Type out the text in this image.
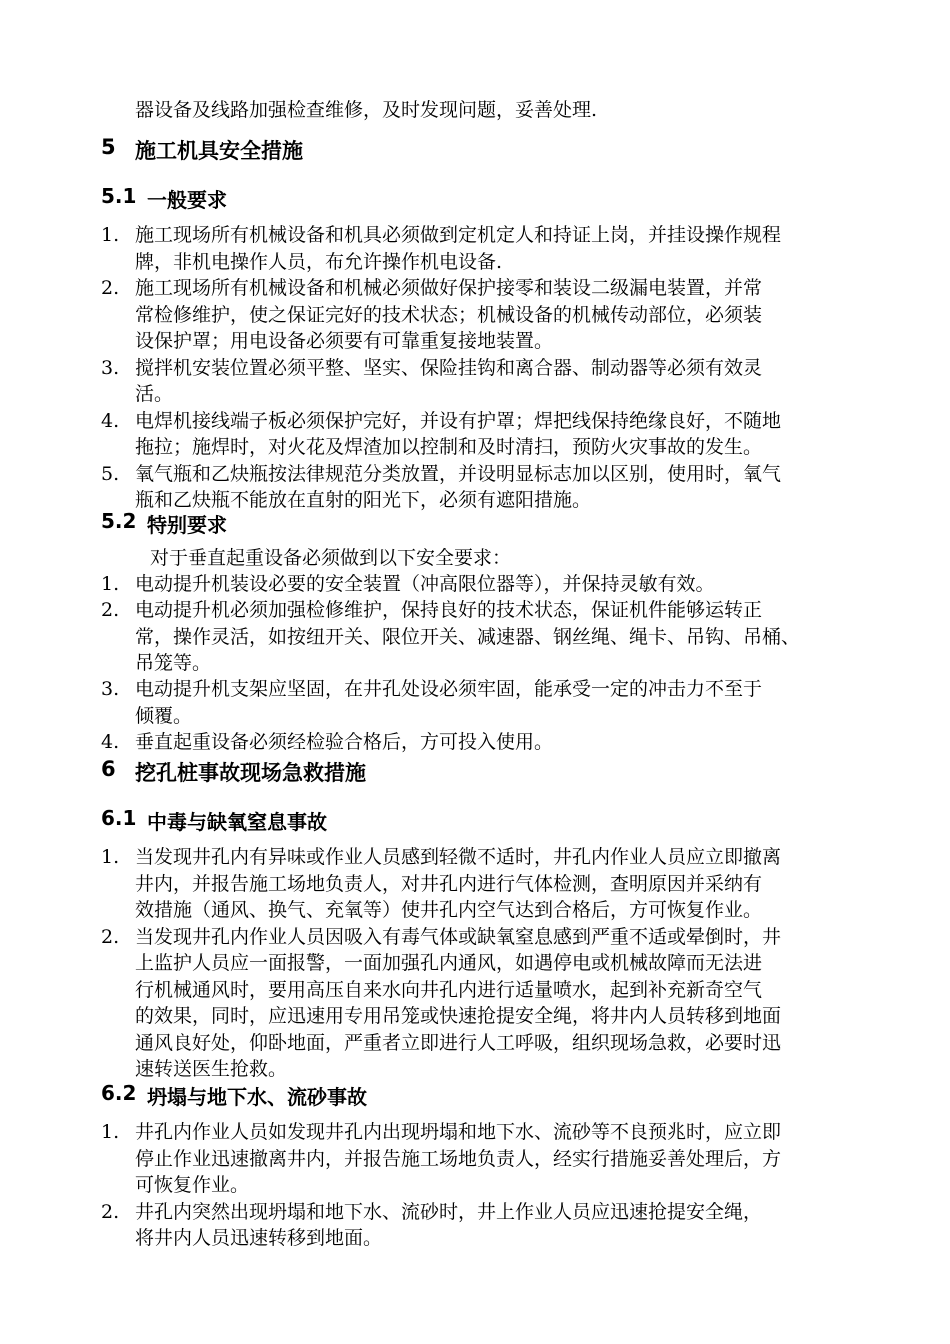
器设备及线路加强检查维修，及时发现问题，妥善处理.
5 施工机具安全措施
5.1 一般要求
1. 施工现场所有机械设备和机具必须做到定机定人和持证上岗，并挂设操作规程
牌，非机电操作人员，布允许操作机电设备.
2. 施工现场所有机械设备和机械必须做好保护接零和装设二级漏电装置，并常
常检修维护，使之保证完好的技术状态；机械设备的机械传动部位，必须装
设保护罩；用电设备必须要有可靠重复接地装置。
3. 搅拌机安装位置必须平整、坚实、保险挂钩和离合器、制动器等必须有效灵
活。
4. 电焊机接线端子板必须保护完好，并设有护罩；焊把线保持绝缘良好，不随地
拖拉；施焊时，对火花及焊渣加以控制和及时清扫，预防火灾事故的发生。
5. 氧气瓶和乙炔瓶按法律规范分类放置，并设明显标志加以区别，使用时，氧气
瓶和乙炔瓶不能放在直射的阳光下，必须有遮阳措施。
5.2 特别要求
对于垂直起重设备必须做到以下安全要求：
1. 电动提升机装设必要的安全装置（冲高限位器等），并保持灵敏有效。
2. 电动提升机必须加强检修维护，保持良好的技术状态，保证机件能够运转正
常，操作灵活，如按纽开关、限位开关、减速器、钢丝绳、绳卡、吊钩、吊桶、
吊笼等。
3. 电动提升机支架应坚固，在井孔处设必须牢固，能承受一定的冲击力不至于
倾覆。
4. 垂直起重设备必须经检验合格后，方可投入使用。
6 挖孔桩事故现场急救措施
6.1 中毒与缺氧窒息事故
1. 当发现井孔内有异味或作业人员感到轻微不适时，井孔内作业人员应立即撤离
井内，并报告施工场地负责人，对井孔内进行气体检测，查明原因并采纳有
效措施（通风、换气、充氧等）使井孔内空气达到合格后，方可恢复作业。
2. 当发现井孔内作业人员因吸入有毒气体或缺氧窒息感到严重不适或晕倒时，井
上监护人员应一面报警，一面加强孔内通风，如遇停电或机械故障而无法进
行机械通风时，要用高压自来水向井孔内进行适量喷水，起到补充新奇空气
的效果，同时，应迅速用专用吊笼或快速抢提安全绳，将井内人员转移到地面
通风良好处，仰卧地面，严重者立即进行人工呼吸，组织现场急救，必要时迅
速转送医生抢救。
6.2 坍塌与地下水、流砂事故
1. 井孔内作业人员如发现井孔内出现坍塌和地下水、流砂等不良预兆时，应立即
停止作业迅速撤离井内，并报告施工场地负责人，经实行措施妥善处理后，方
可恢复作业。
2. 井孔内突然出现坍塌和地下水、流砂时，井上作业人员应迅速抢提安全绳，
将井内人员迅速转移到地面。
